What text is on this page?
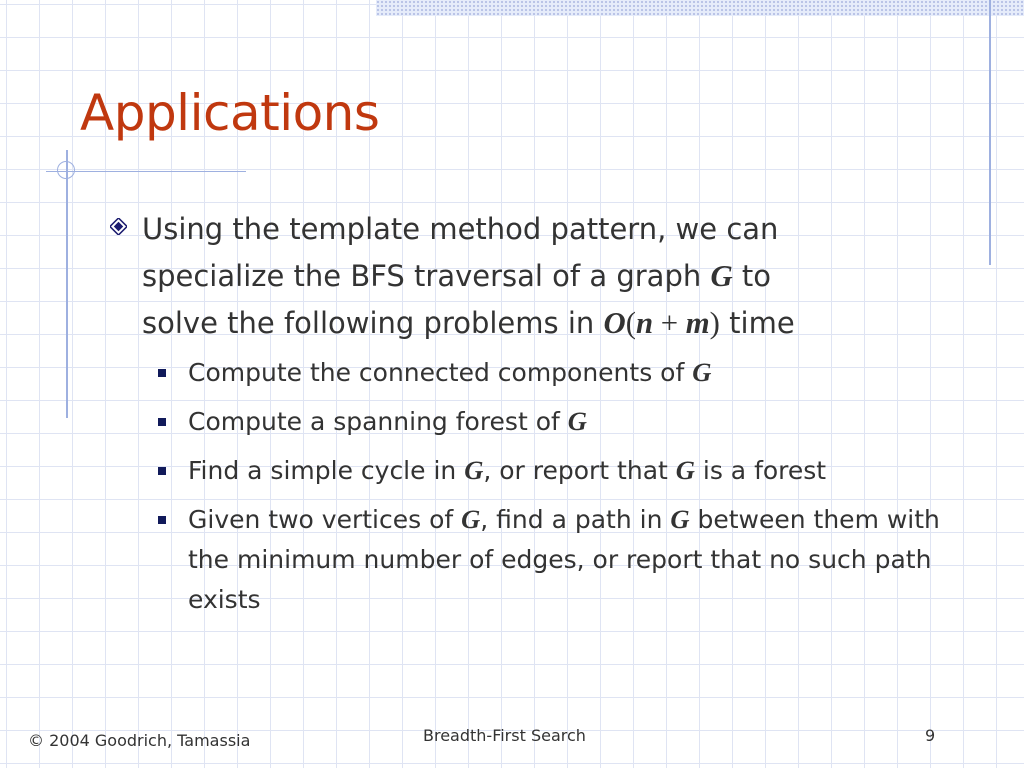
Applications

Using the template method pattern, we can
specialize the BFS traversal of a graph G to
solve the following problems in O(n + m) time

Compute the connected components of G
Compute a spanning forest of G
Find a simple cycle in G, or report that G is a forest
Given two vertices of G, find a path in G between them with the minimum number of edges, or report that no such path exists
© 2004 Goodrich, Tamassia	Breadth-First Search	9
